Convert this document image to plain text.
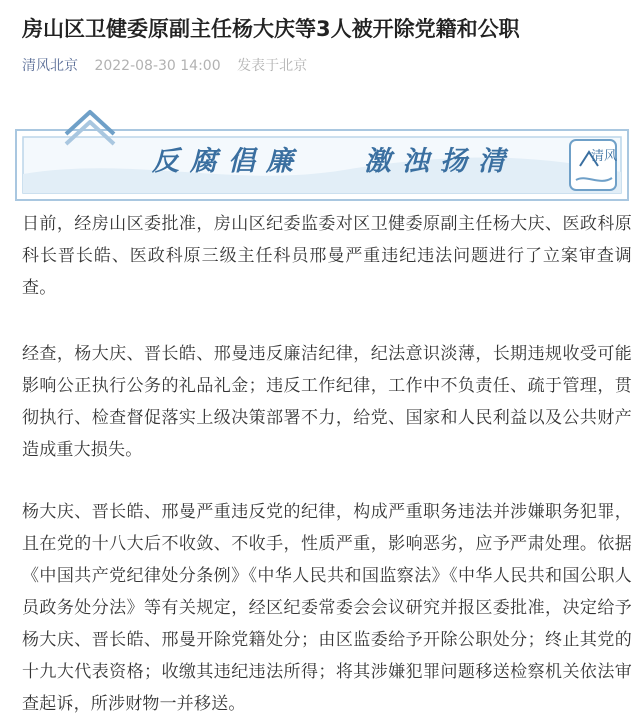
房山区卫健委原副主任杨大庆等3人被开除党籍和公职
清风北京 2022-08-30 14:00 发表于北京
清风
反腐倡廉 激浊扬清

日前，经房山区委批准，房山区纪委监委对区卫健委原副主任杨大庆、医政科原科长晋长皓、医政科原三级主任科员邢曼严重违纪违法问题进行了立案审查调查。

经查，杨大庆、晋长皓、邢曼违反廉洁纪律，纪法意识淡薄，长期违规收受可能影响公正执行公务的礼品礼金；违反工作纪律，工作中不负责任、疏于管理，贯彻执行、检查督促落实上级决策部署不力，给党、国家和人民利益以及公共财产造成重大损失。

杨大庆、晋长皓、邢曼严重违反党的纪律，构成严重职务违法并涉嫌职务犯罪，且在党的十八大后不收敛、不收手，性质严重，影响恶劣，应予严肃处理。依据《中国共产党纪律处分条例》《中华人民共和国监察法》《中华人民共和国公职人员政务处分法》等有关规定，经区纪委常委会会议研究并报区委批准，决定给予杨大庆、晋长皓、邢曼开除党籍处分；由区监委给予开除公职处分；终止其党的十九大代表资格；收缴其违纪违法所得；将其涉嫌犯罪问题移送检察机关依法审查起诉，所涉财物一并移送。
